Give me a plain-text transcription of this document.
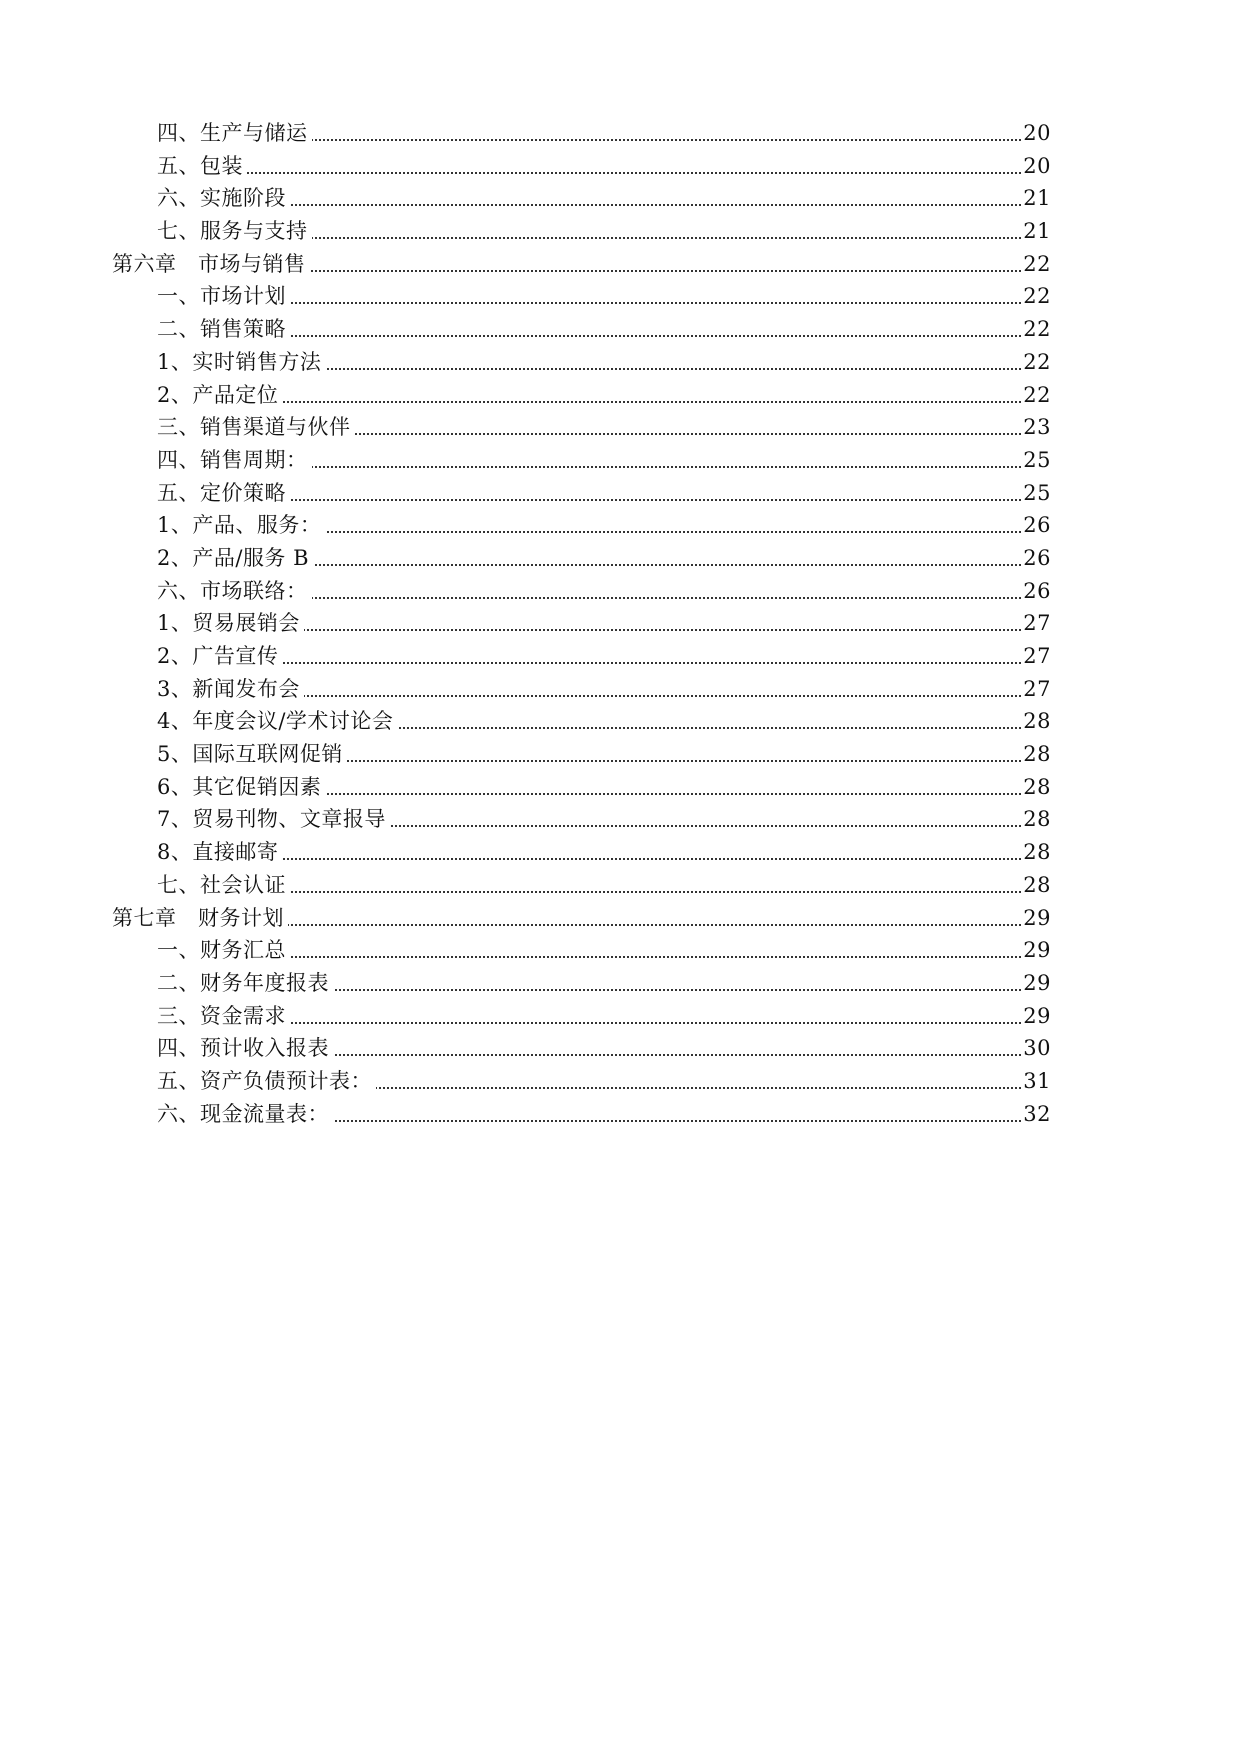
四、生产与储运	20
五、包装	20
六、实施阶段	21
七、服务与支持	21
第六章　市场与销售	22
一、市场计划	22
二、销售策略	22
1、实时销售方法	22
2、产品定位	22
三、销售渠道与伙伴	23
四、销售周期：	25
五、定价策略	25
1、产品、服务：	26
2、产品/服务 B	26
六、市场联络：	26
1、贸易展销会	27
2、广告宣传	27
3、新闻发布会	27
4、年度会议/学术讨论会	28
5、国际互联网促销	28
6、其它促销因素	28
7、贸易刊物、文章报导	28
8、直接邮寄	28
七、社会认证	28
第七章　财务计划	29
一、财务汇总	29
二、财务年度报表	29
三、资金需求	29
四、预计收入报表	30
五、资产负债预计表：	31
六、现金流量表：	32
